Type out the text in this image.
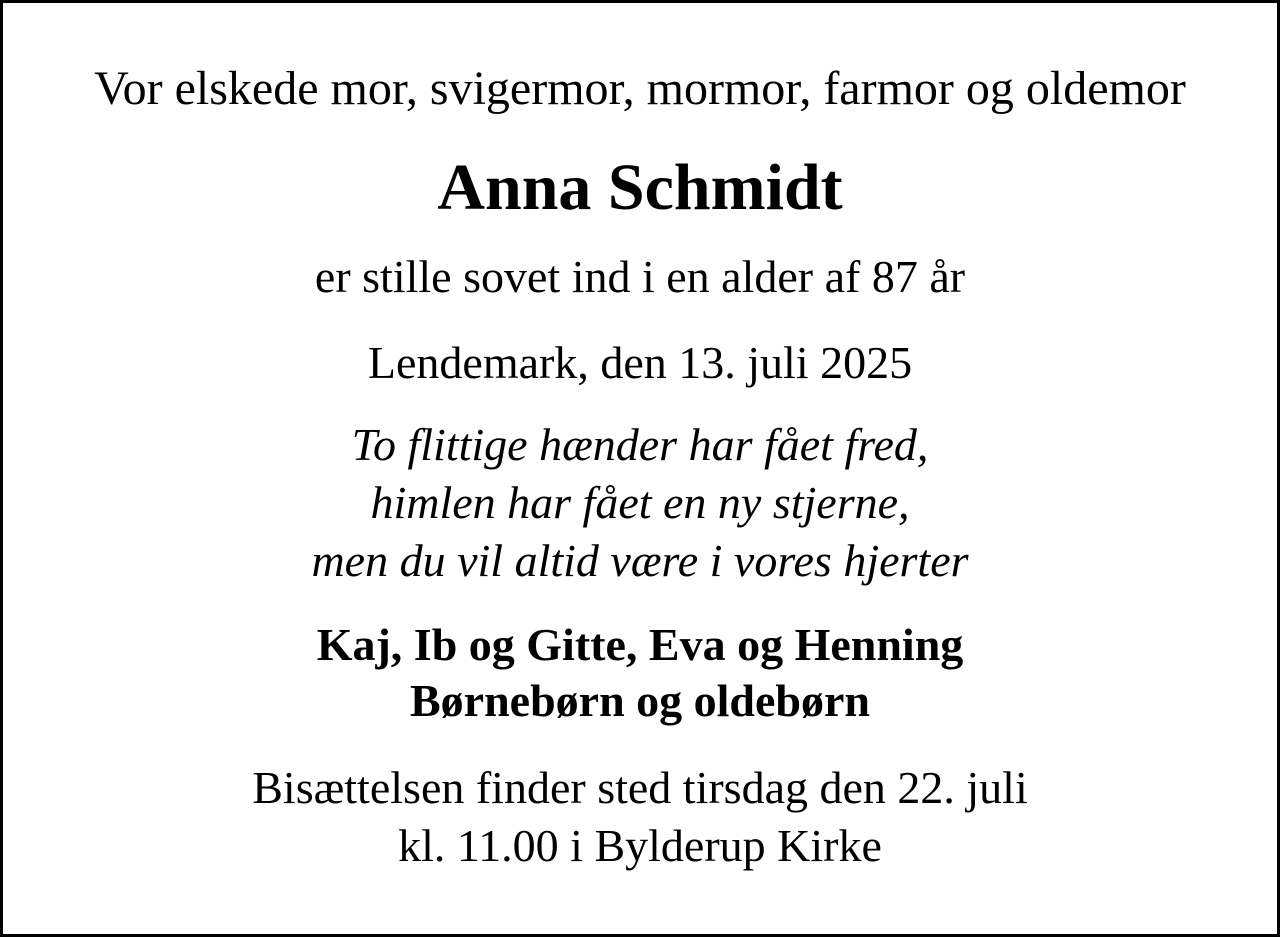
Vor elskede mor, svigermor, mormor, farmor og oldemor

Anna Schmidt

er stille sovet ind i en alder af 87 år

Lendemark, den 13. juli 2025

To flittige hænder har fået fred,
himlen har fået en ny stjerne,
men du vil altid være i vores hjerter
Kaj, Ib og Gitte, Eva og Henning
Børnebørn og oldebørn
Bisættelsen finder sted tirsdag den 22. juli
kl. 11.00 i Bylderup Kirke
